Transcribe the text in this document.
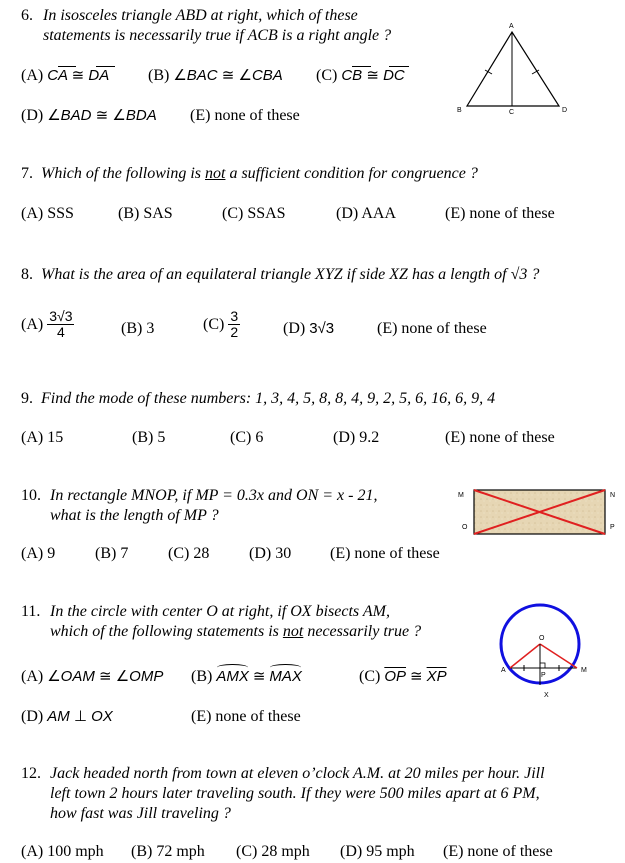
6. In isosceles triangle ABD at right, which of these
statements is necessarily true if ACB is a right angle ?
(A) CA ≅ DA (B) ∠BAC ≅ ∠CBA (C) CB ≅ DC
(D) ∠BAD ≅ ∠BDA (E) none of these
A
B	C	D
7. Which of the following is not a sufficient condition for congruence ?
(A) SSS	(B) SAS	(C) SSAS	(D) AAA	(E) none of these
8. What is the area of an equilateral triangle XYZ if side XZ has a length of √3 ?
$(A) \frac{3√3}{4}$	(B) 3	$(C) \frac{3}{2}$	(D) 3√3	(E) none of these
9. Find the mode of these numbers: 1, 3, 4, 5, 8, 8, 4, 9, 2, 5, 6, 16, 6, 9, 4
(A) 15	(B) 5	(C) 6	(D) 9.2	(E) none of these
10. In rectangle MNOP, if MP = 0.3x and ON = x - 21,
what is the length of MP ?
(A) 9 (B) 7 (C) 28 (D) 30 (E) none of these
M	N
O	P
11. In the circle with center O at right, if OX bisects AM,
which of the following statements is not necessarily true ?
(A) ∠OAM ≅ ∠OMP (B) AMX ≅ MAX	(C) $\overline{OP}$ ≅ $\overline{XP}$
(D) AM ⊥ OX	(E) none of these
O
A	M
P
X
12. Jack headed north from town at eleven o’clock A.M. at 20 miles per hour. Jill
left town 2 hours later traveling south. If they were 500 miles apart at 6 PM,
how fast was Jill traveling ?
(A) 100 mph (B) 72 mph (C) 28 mph (D) 95 mph (E) none of these
